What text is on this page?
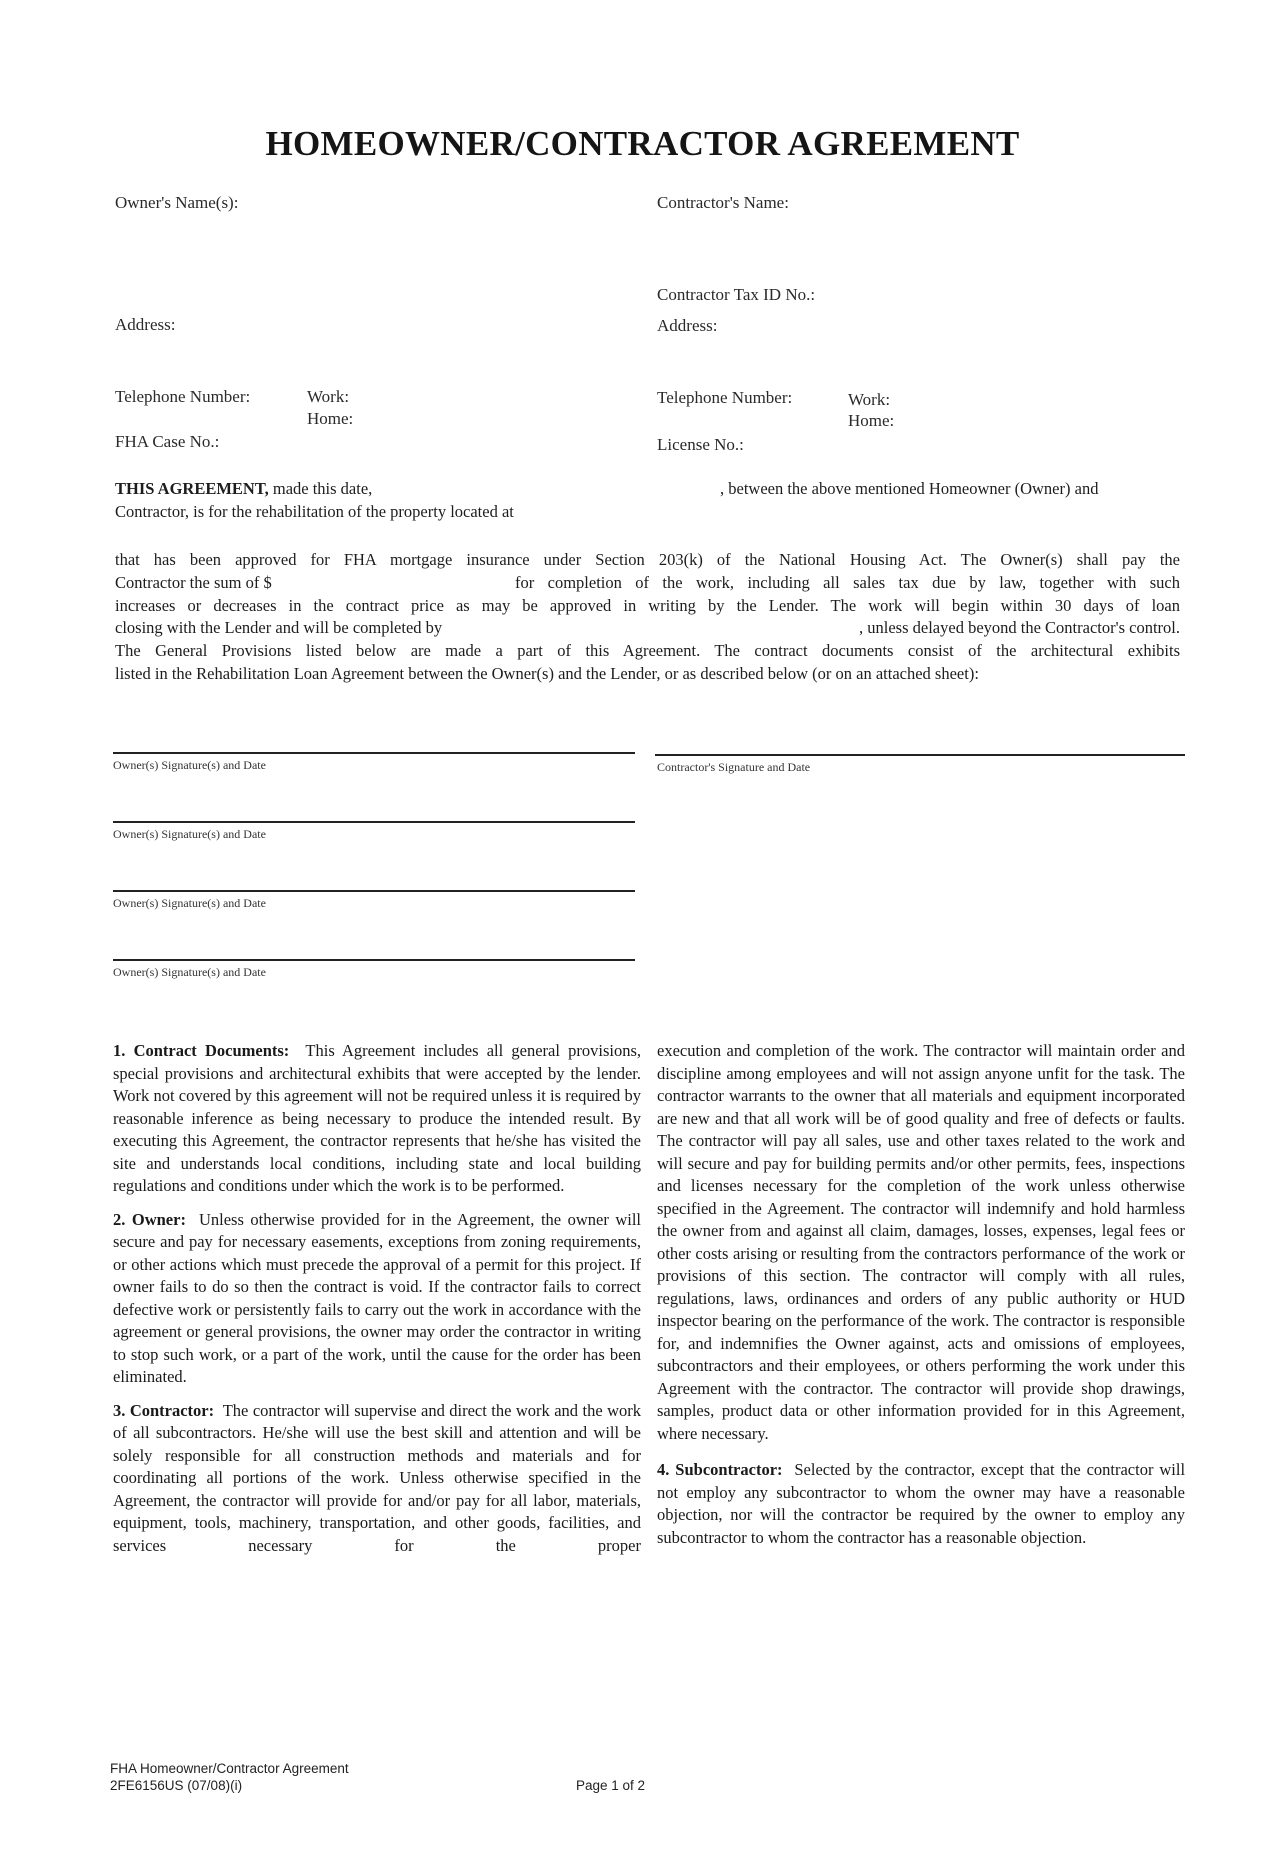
HOMEOWNER/CONTRACTOR AGREEMENT
Owner's Name(s):
Address:
Telephone Number:	Work:
Home:
FHA Case No.:
Contractor's Name:
Contractor Tax ID No.:
Address:
Telephone Number:	Work:
Home:
License No.:
THIS AGREEMENT, made this date,	, between the above mentioned Homeowner (Owner) and
Contractor, is for the rehabilitation of the property located at
that has been approved for FHA mortgage insurance under Section 203(k) of the National Housing Act. The Owner(s) shall pay the
Contractor the sum of $	for completion of the work, including all sales tax due by law, together with such
increases or decreases in the contract price as may be approved in writing by the Lender. The work will begin within 30 days of loan
closing with the Lender and will be completed by	, unless delayed beyond the Contractor's control.
The General Provisions listed below are made a part of this Agreement. The contract documents consist of the architectural exhibits
listed in the Rehabilitation Loan Agreement between the Owner(s) and the Lender, or as described below (or on an attached sheet):
Owner(s) Signature(s) and Date	Contractor's Signature and Date
Owner(s) Signature(s) and Date
Owner(s) Signature(s) and Date
Owner(s) Signature(s) and Date

1. Contract Documents: This Agreement includes all general provisions, special provisions and architectural exhibits that were accepted by the lender. Work not covered by this agreement will not be required unless it is required by reasonable inference as being necessary to produce the intended result. By executing this Agreement, the contractor represents that he/she has visited the site and understands local conditions, including state and local building regulations and conditions under which the work is to be performed.

2. Owner: Unless otherwise provided for in the Agreement, the owner will secure and pay for necessary easements, exceptions from zoning requirements, or other actions which must precede the approval of a permit for this project. If owner fails to do so then the contract is void. If the contractor fails to correct defective work or persistently fails to carry out the work in accordance with the agreement or general provisions, the owner may order the contractor in writing to stop such work, or a part of the work, until the cause for the order has been eliminated.

3. Contractor: The contractor will supervise and direct the work and the work of all subcontractors. He/she will use the best skill and attention and will be solely responsible for all construction methods and materials and for coordinating all portions of the work. Unless otherwise specified in the Agreement, the contractor will provide for and/or pay for all labor, materials, equipment, tools, machinery, transportation, and other goods, facilities, and services necessary for the proper

execution and completion of the work. The contractor will maintain order and discipline among employees and will not assign anyone unfit for the task. The contractor warrants to the owner that all materials and equipment incorporated are new and that all work will be of good quality and free of defects or faults. The contractor will pay all sales, use and other taxes related to the work and will secure and pay for building permits and/or other permits, fees, inspections and licenses necessary for the completion of the work unless otherwise specified in the Agreement. The contractor will indemnify and hold harmless the owner from and against all claim, damages, losses, expenses, legal fees or other costs arising or resulting from the contractors performance of the work or provisions of this section. The contractor will comply with all rules, regulations, laws, ordinances and orders of any public authority or HUD inspector bearing on the performance of the work. The contractor is responsible for, and indemnifies the Owner against, acts and omissions of employees, subcontractors and their employees, or others performing the work under this Agreement with the contractor. The contractor will provide shop drawings, samples, product data or other information provided for in this Agreement, where necessary.

4. Subcontractor: Selected by the contractor, except that the contractor will not employ any subcontractor to whom the owner may have a reasonable objection, nor will the contractor be required by the owner to employ any subcontractor to whom the contractor has a reasonable objection.

FHA Homeowner/Contractor Agreement
2FE6156US (07/08)(i)	Page 1 of 2
